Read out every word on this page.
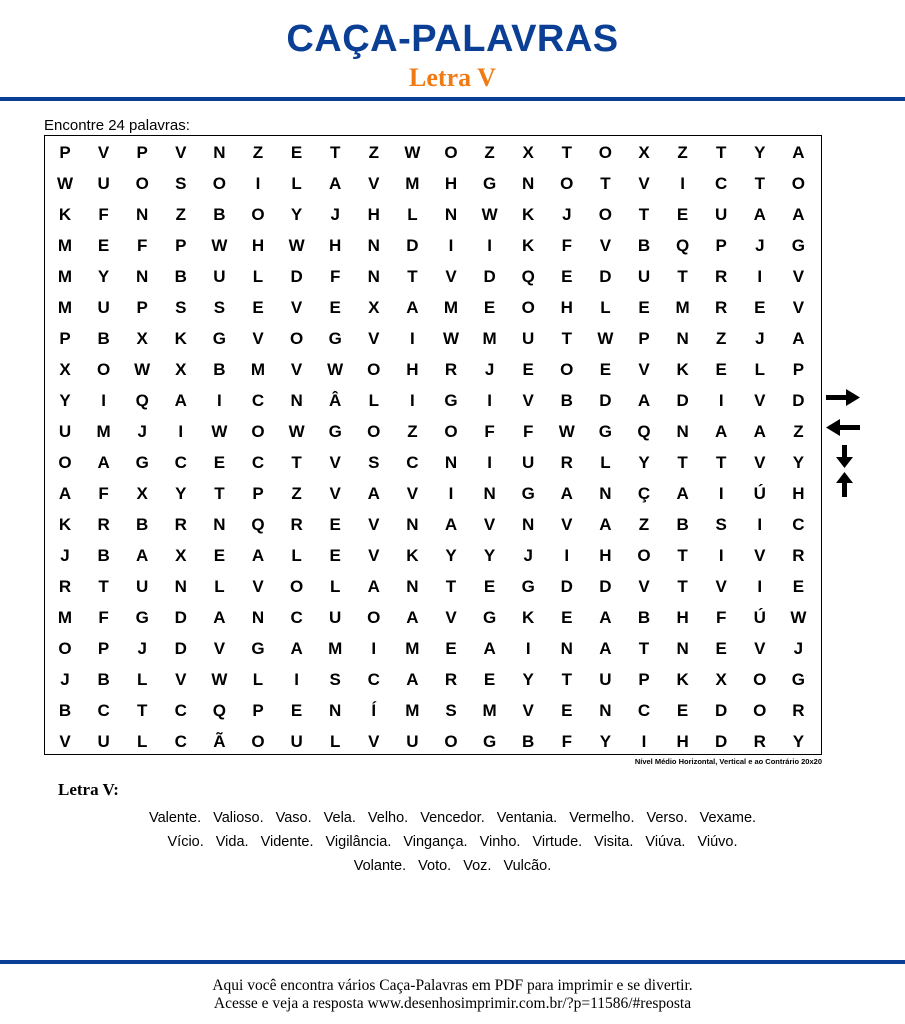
CAÇA-PALAVRAS
Letra V
Encontre 24 palavras:
P	V	P	V	N	Z	E	T	Z	W	O	Z	X	T	O	X	Z	T	Y	A
W	U	O	S	O	I	L	A	V	M	H	G	N	O	T	V	I	C	T	O
K	F	N	Z	B	O	Y	J	H	L	N	W	K	J	O	T	E	U	A	A
M	E	F	P	W	H	W	H	N	D	I	I	K	F	V	B	Q	P	J	G
M	Y	N	B	U	L	D	F	N	T	V	D	Q	E	D	U	T	R	I	V
M	U	P	S	S	E	V	E	X	A	M	E	O	H	L	E	M	R	E	V
P	B	X	K	G	V	O	G	V	I	W	M	U	T	W	P	N	Z	J	A
X	O	W	X	B	M	V	W	O	H	R	J	E	O	E	V	K	E	L	P
Y	I	Q	A	I	C	N	Â	L	I	G	I	V	B	D	A	D	I	V	D
U	M	J	I	W	O	W	G	O	Z	O	F	F	W	G	Q	N	A	A	Z
O	A	G	C	E	C	T	V	S	C	N	I	U	R	L	Y	T	T	V	Y
A	F	X	Y	T	P	Z	V	A	V	I	N	G	A	N	Ç	A	I	Ú	H
K	R	B	R	N	Q	R	E	V	N	A	V	N	V	A	Z	B	S	I	C
J	B	A	X	E	A	L	E	V	K	Y	Y	J	I	H	O	T	I	V	R
R	T	U	N	L	V	O	L	A	N	T	E	G	D	D	V	T	V	I	E
M	F	G	D	A	N	C	U	O	A	V	G	K	E	A	B	H	F	Ú	W
O	P	J	D	V	G	A	M	I	M	E	A	I	N	A	T	N	E	V	J
J	B	L	V	W	L	I	S	C	A	R	E	Y	T	U	P	K	X	O	G
B	C	T	C	Q	P	E	N	Í	M	S	M	V	E	N	C	E	D	O	R
V	U	L	C	Ã	O	U	L	V	U	O	G	B	F	Y	I	H	D	R	Y
Nível Médio Horizontal, Vertical e ao Contrário 20x20
Letra V:
Valente. Valioso. Vaso. Vela. Velho. Vencedor. Ventania. Vermelho. Verso. Vexame.
Vício. Vida. Vidente. Vigilância. Vingança. Vinho. Virtude. Visita. Viúva. Viúvo.
Volante. Voto. Voz. Vulcão.
Aqui você encontra vários Caça-Palavras em PDF para imprimir e se divertir.
Acesse e veja a resposta www.desenhosimprimir.com.br/?p=11586/#resposta
